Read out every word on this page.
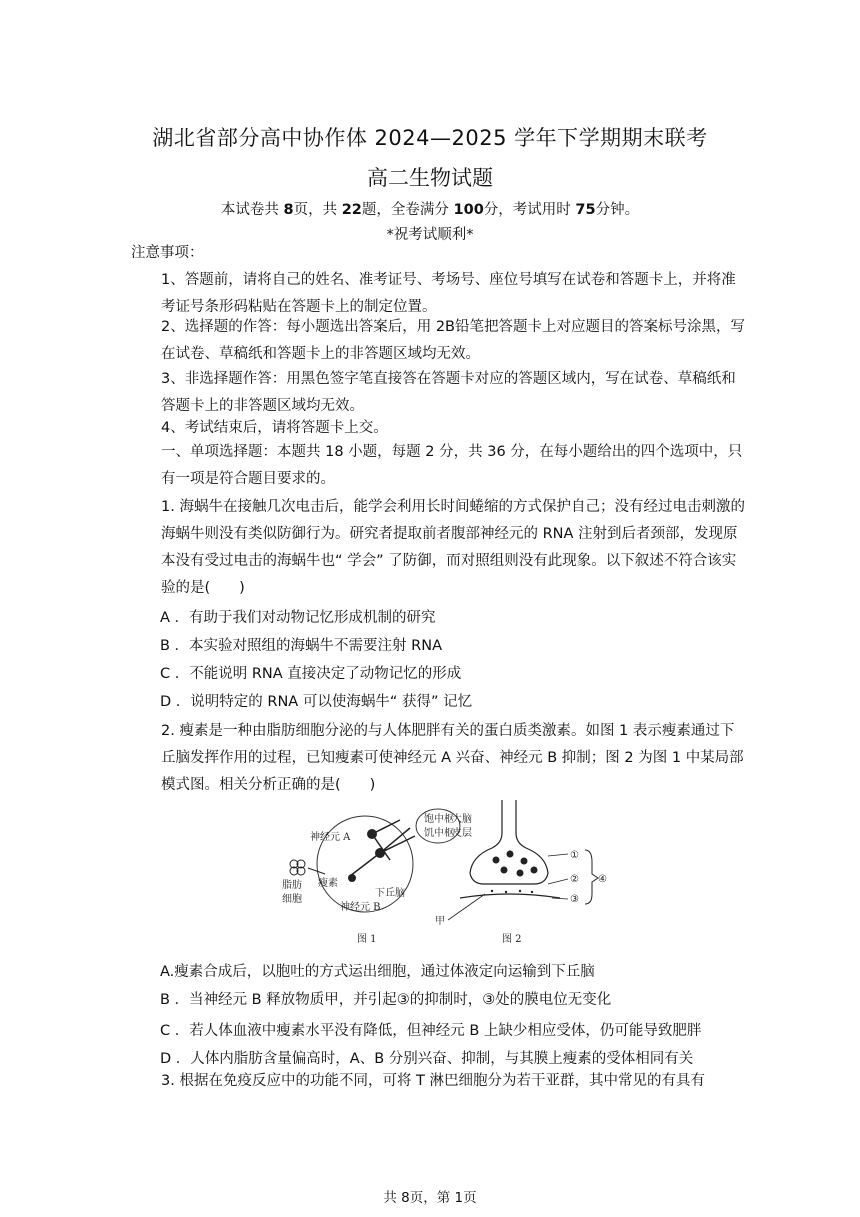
湖北省部分高中协作体 2024—2025 学年下学期期末联考
高二生物试题
本试卷共 8页，共 22题，全卷满分 100分，考试用时 75分钟。
*祝考试顺利*
注意事项：
1、答题前，请将自己的姓名、准考证号、考场号、座位号填写在试卷和答题卡上，并将准考证号条形码粘贴在答题卡上的制定位置。
2、选择题的作答：每小题选出答案后，用 2B铅笔把答题卡上对应题目的答案标号涂黑，写在试卷、草稿纸和答题卡上的非答题区域均无效。
3、非选择题作答：用黑色签字笔直接答在答题卡对应的答题区域内，写在试卷、草稿纸和答题卡上的非答题区域均无效。
4、考试结束后，请将答题卡上交。
一、单项选择题：本题共 18 小题，每题 2 分，共 36 分，在每小题给出的四个选项中，只有一项是符合题目要求的。
1. 海蜗牛在接触几次电击后，能学会利用长时间蜷缩的方式保护自己；没有经过电击刺激的海蜗牛则没有类似防御行为。研究者提取前者腹部神经元的 RNA 注射到后者颈部，发现原本没有受过电击的海蜗牛也“ 学会” 了防御，而对照组则没有此现象。以下叙述不符合该实验的是(　　)
A ．有助于我们对动物记忆形成机制的研究
B ．本实验对照组的海蜗牛不需要注射 RNA
C ．不能说明 RNA 直接决定了动物记忆的形成
D ．说明特定的 RNA 可以使海蜗牛“ 获得” 记忆
2. 瘦素是一种由脂肪细胞分泌的与人体肥胖有关的蛋白质类激素。如图 1 表示瘦素通过下丘脑发挥作用的过程，已知瘦素可使神经元 A 兴奋、神经元 B 抑制；图 2 为图 1 中某局部模式图。相关分析正确的是(　　)
饱中枢
饥中枢
大脑
皮层
神经元 A
神经元 B
瘦素
下丘脑
脂肪
细胞
图 1
①
②
③
④
甲
图 2
A.瘦素合成后，以胞吐的方式运出细胞，通过体液定向运输到下丘脑
B ．当神经元 B 释放物质甲，并引起③的抑制时，③处的膜电位无变化
C ．若人体血液中瘦素水平没有降低，但神经元 B 上缺少相应受体，仍可能导致肥胖
D ．人体内脂肪含量偏高时，A、B 分别兴奋、抑制，与其膜上瘦素的受体相同有关
3. 根据在免疫反应中的功能不同，可将 T 淋巴细胞分为若干亚群，其中常见的有具有
共 8页，第 1页
